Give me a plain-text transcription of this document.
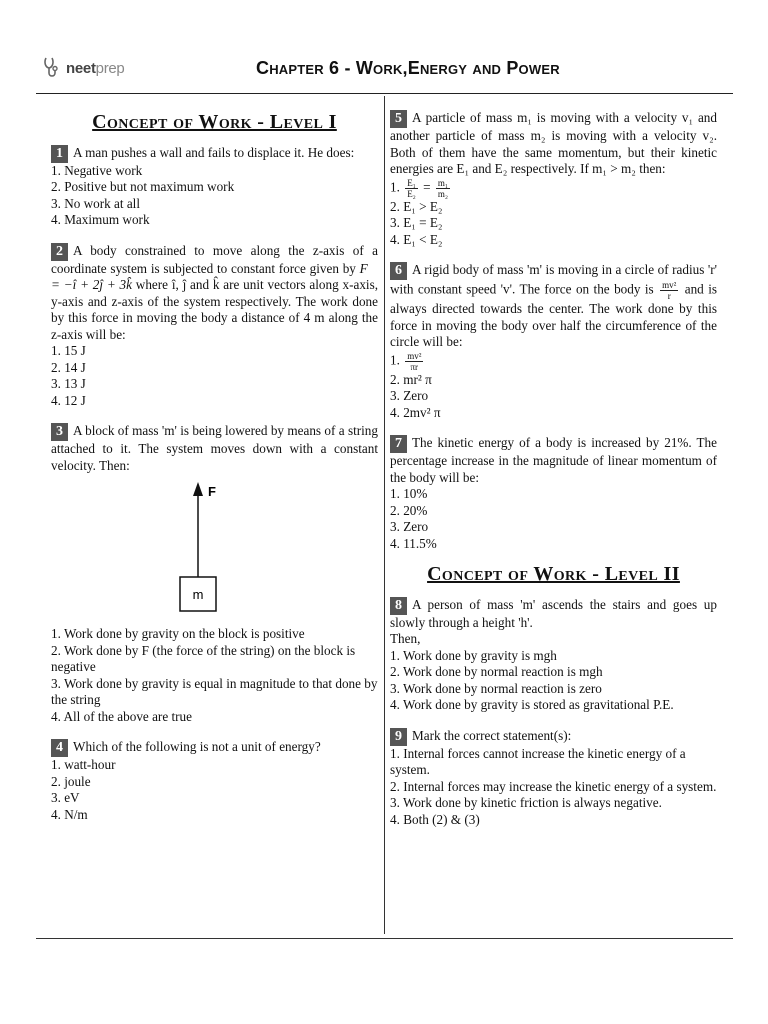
neetprep	Chapter 6 - Work,Energy and Power
Concept of Work - Level I
1 A man pushes a wall and fails to displace it. He does:
1. Negative work
2. Positive but not maximum work
3. No work at all
4. Maximum work
2 A body constrained to move along the z-axis of a coordinate system is subjected to constant force given by F⃗ = −î + 2ĵ + 3k̂ where î, ĵ and k̂ are unit vectors along x-axis, y-axis and z-axis of the system respectively. The work done by this force in moving the body a distance of 4 m along the z-axis will be:
1. 15 J
2. 14 J
3. 13 J
4. 12 J
3 A block of mass 'm' is being lowered by means of a string attached to it. The system moves down with a constant velocity. Then:
F
m
1. Work done by gravity on the block is positive
2. Work done by F (the force of the string) on the block is negative
3. Work done by gravity is equal in magnitude to that done by the string
4. All of the above are true
4 Which of the following is not a unit of energy?
1. watt-hour
2. joule
3. eV
4. N/m
5 A particle of mass m₁ is moving with a velocity v₁ and another particle of mass m₂ is moving with a velocity v₂. Both of them have the same momentum, but their kinetic energies are E₁ and E₂ respectively. If m₁ > m₂ then:
1. $\frac{\text{E₁}}{\text{E₂}} = \frac{\text{m₁}}{\text{m₂}}$
2. E₁ > E₂
3. E₁ = E₂
4. E₁ < E₂
6 A rigid body of mass 'm' is moving in a circle of radius 'r' with constant speed 'v'. The force on the body is $\frac{\text{mv²}}{r}$ and is always directed towards the center. The work done by this force in moving the body over half the circumference of the circle will be:
1. $\frac{\text{mv²}}{\pi r}$
2. mr² π
3. Zero
4. 2mv² π
7 The kinetic energy of a body is increased by 21%. The percentage increase in the magnitude of linear momentum of the body will be:
1. 10%
2. 20%
3. Zero
4. 11.5%
Concept of Work - Level II
8 A person of mass 'm' ascends the stairs and goes up slowly through a height 'h'.
Then,
1. Work done by gravity is mgh
2. Work done by normal reaction is mgh
3. Work done by normal reaction is zero
4. Work done by gravity is stored as gravitational P.E.
9 Mark the correct statement(s):
1. Internal forces cannot increase the kinetic energy of a system.
2. Internal forces may increase the kinetic energy of a system.
3. Work done by kinetic friction is always negative.
4. Both (2) & (3)
